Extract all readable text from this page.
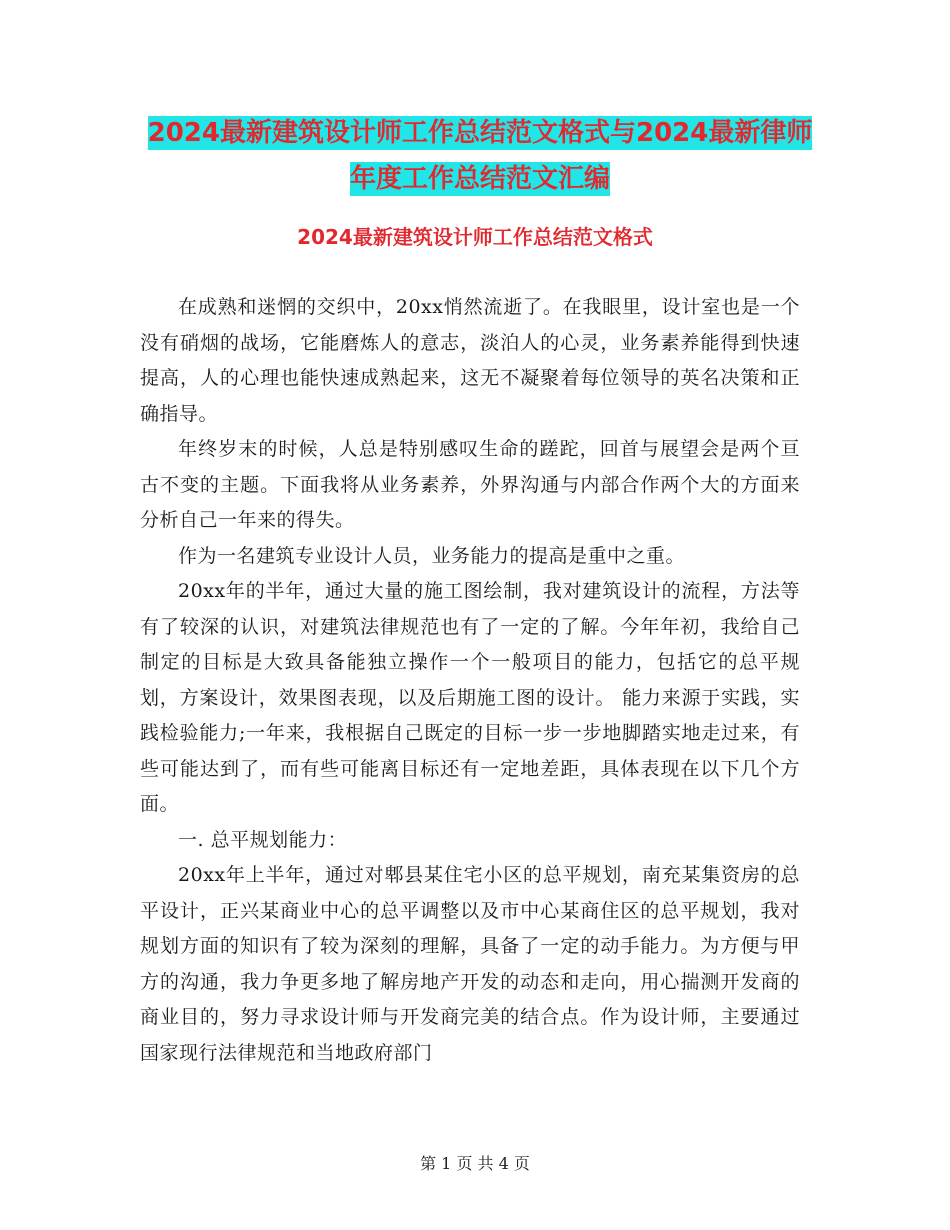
2024最新建筑设计师工作总结范文格式与2024最新律师年度工作总结范文汇编
2024最新建筑设计师工作总结范文格式

在成熟和迷惘的交织中，20xx悄然流逝了。在我眼里，设计室也是一个没有硝烟的战场，它能磨炼人的意志，淡泊人的心灵，业务素养能得到快速提高，人的心理也能快速成熟起来，这无不凝聚着每位领导的英名决策和正确指导。

年终岁末的时候，人总是特别感叹生命的蹉跎，回首与展望会是两个亘古不变的主题。下面我将从业务素养，外界沟通与内部合作两个大的方面来分析自己一年来的得失。

作为一名建筑专业设计人员，业务能力的提高是重中之重。

20xx年的半年，通过大量的施工图绘制，我对建筑设计的流程，方法等有了较深的认识，对建筑法律规范也有了一定的了解。今年年初，我给自己制定的目标是大致具备能独立操作一个一般项目的能力，包括它的总平规划，方案设计，效果图表现，以及后期施工图的设计。 能力来源于实践，实践检验能力;一年来，我根据自己既定的目标一步一步地脚踏实地走过来，有些可能达到了，而有些可能离目标还有一定地差距，具体表现在以下几个方面。

一. 总平规划能力：

20xx年上半年，通过对郫县某住宅小区的总平规划，南充某集资房的总平设计，正兴某商业中心的总平调整以及市中心某商住区的总平规划，我对规划方面的知识有了较为深刻的理解，具备了一定的动手能力。为方便与甲方的沟通，我力争更多地了解房地产开发的动态和走向，用心揣测开发商的商业目的，努力寻求设计师与开发商完美的结合点。作为设计师，主要通过国家现行法律规范和当地政府部门

第 1 页 共 4 页
